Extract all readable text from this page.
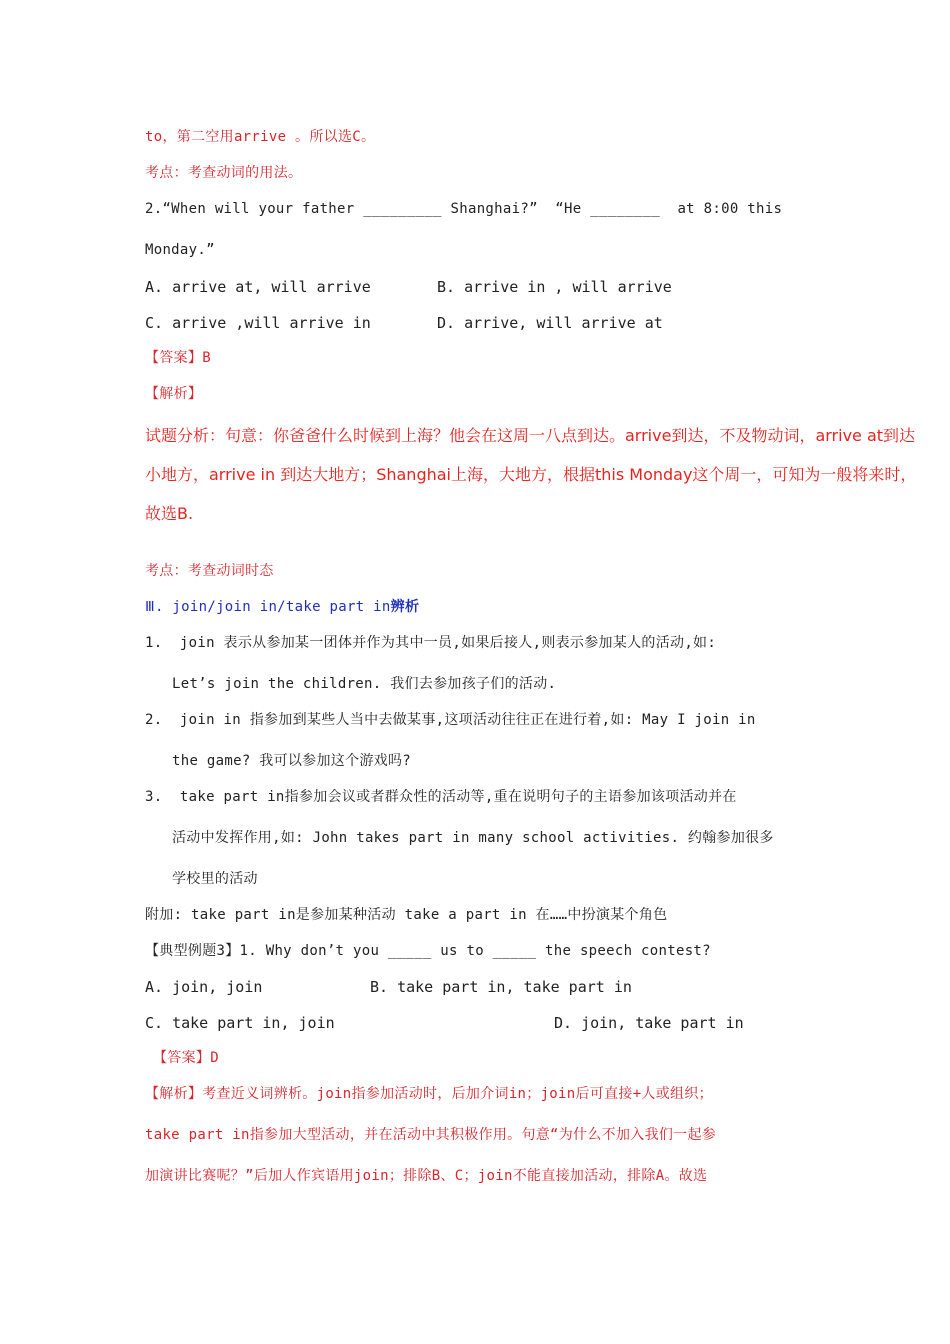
to，第二空用arrive 。所以选C。
考点：考查动词的用法。
2.“When will your father _________ Shanghai?”  “He ________  at 8:00 this
Monday.”
A. arrive at, will arrive	B. arrive in , will arrive
C. arrive ,will arrive in	D. arrive, will arrive at
【答案】B
【解析】
试题分析：句意：你爸爸什么时候到上海？他会在这周一八点到达。arrive到达，不及物动词，arrive at到达小地方，arrive in 到达大地方；Shanghai上海，大地方，根据this Monday这个周一，可知为一般将来时，故选B.
考点：考查动词时态
Ⅲ. join/join in/take part in辨析
1.  join 表示从参加某一团体并作为其中一员,如果后接人,则表示参加某人的活动,如:
Let’s join the children. 我们去参加孩子们的活动.
2.  join in 指参加到某些人当中去做某事,这项活动往往正在进行着,如: May I join in
the game? 我可以参加这个游戏吗?
3.  take part in指参加会议或者群众性的活动等,重在说明句子的主语参加该项活动并在
活动中发挥作用,如: John takes part in many school activities. 约翰参加很多
学校里的活动
附加: take part in是参加某种活动 take a part in 在……中扮演某个角色
【典型例题3】1. Why don’t you _____ us to _____ the speech contest?
A. join, join	B. take part in, take part in
C. take part in, join	D. join, take part in
【答案】D
【解析】考查近义词辨析。join指参加活动时，后加介词in；join后可直接+人或组织；
take part in指参加大型活动，并在活动中其积极作用。句意“为什么不加入我们一起参
加演讲比赛呢？”后加人作宾语用join；排除B、C；join不能直接加活动，排除A。故选
